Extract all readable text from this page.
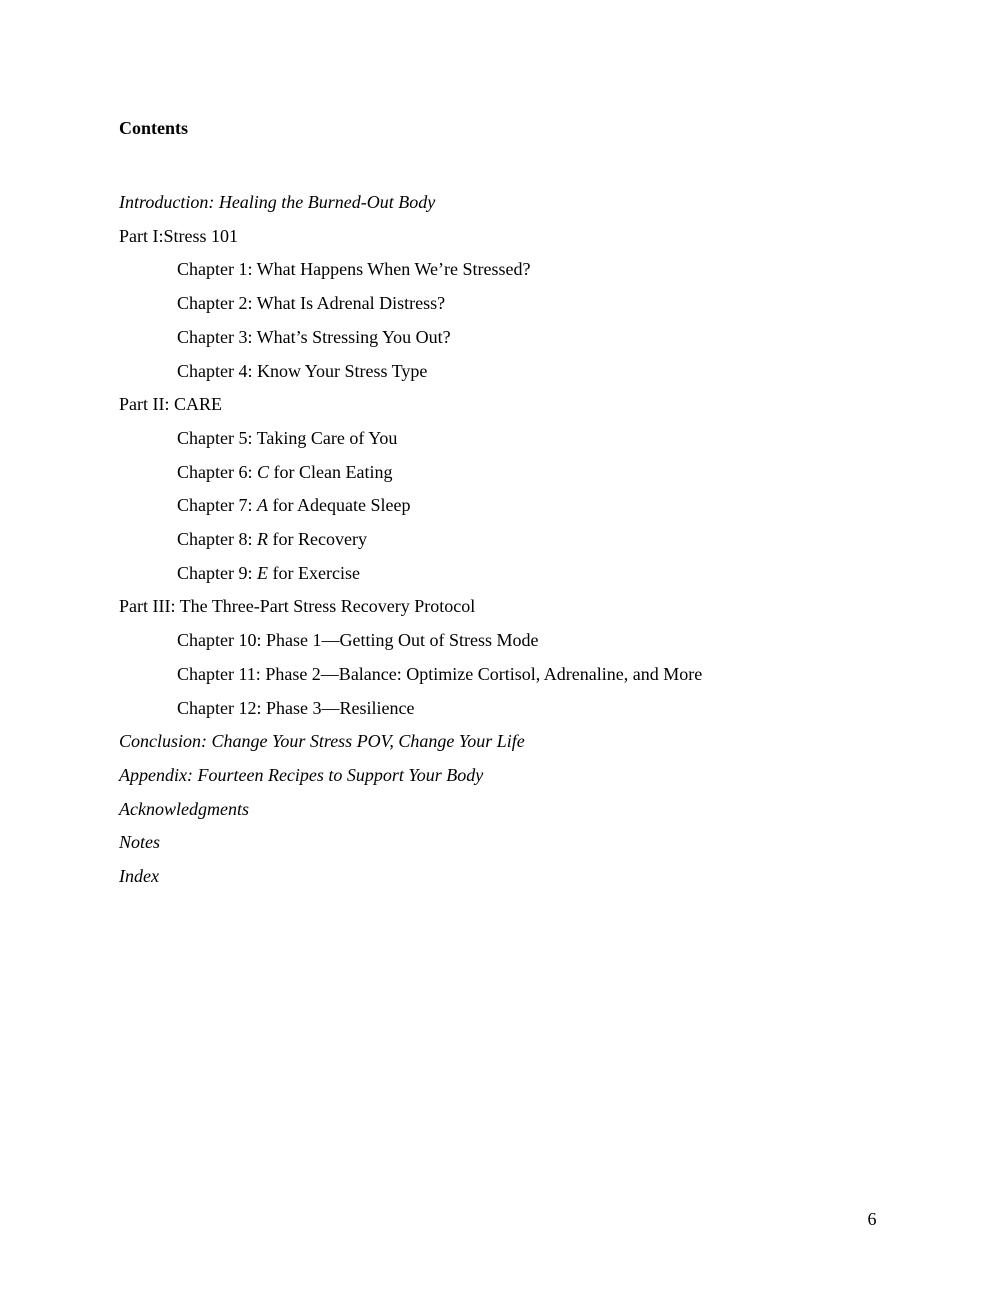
Contents
Introduction: Healing the Burned-Out Body
Part I:Stress 101
Chapter 1: What Happens When We’re Stressed?
Chapter 2: What Is Adrenal Distress?
Chapter 3: What’s Stressing You Out?
Chapter 4: Know Your Stress Type
Part II: CARE
Chapter 5: Taking Care of You
Chapter 6: C for Clean Eating
Chapter 7: A for Adequate Sleep
Chapter 8: R for Recovery
Chapter 9: E for Exercise
Part III: The Three-Part Stress Recovery Protocol
Chapter 10: Phase 1—Getting Out of Stress Mode
Chapter 11: Phase 2—Balance: Optimize Cortisol, Adrenaline, and More
Chapter 12: Phase 3—Resilience
Conclusion: Change Your Stress POV, Change Your Life
Appendix: Fourteen Recipes to Support Your Body
Acknowledgments
Notes
Index
6
